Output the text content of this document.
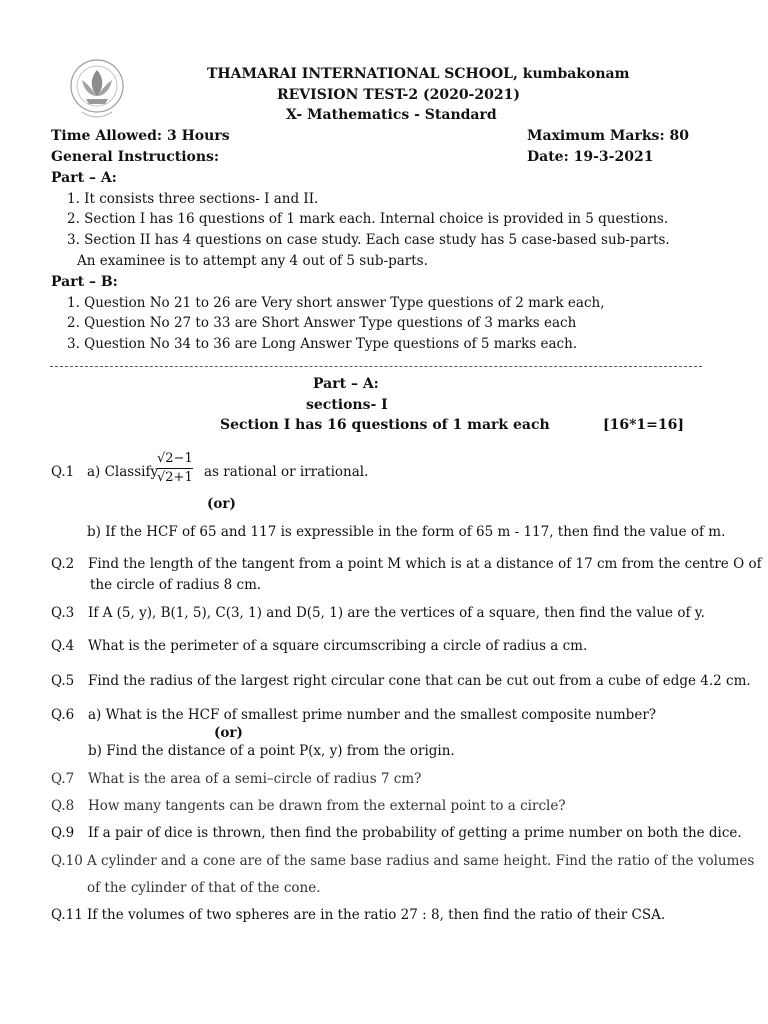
THAMARAI INTERNATIONAL SCHOOL, kumbakonam
REVISION TEST-2 (2020-2021)
X- Mathematics - Standard
Time Allowed: 3 Hours	Maximum Marks: 80
General Instructions:	Date: 19-3-2021
Part – A:
1. It consists three sections- I and II.
2. Section I has 16 questions of 1 mark each. Internal choice is provided in 5 questions.
3. Section II has 4 questions on case study. Each case study has 5 case-based sub-parts.
An examinee is to attempt any 4 out of 5 sub-parts.
Part – B:
1. Question No 21 to 26 are Very short answer Type questions of 2 mark each,
2. Question No 27 to 33 are Short Answer Type questions of 3 marks each
3. Question No 34 to 36 are Long Answer Type questions of 5 marks each.
Part – A:
sections- I
Section I has 16 questions of 1 mark each	[16*1=16]
Q.1 a) Classify
√2−1
√2+1 as rational or irrational.
(or)
b) If the HCF of 65 and 117 is expressible in the form of 65 m - 117, then find the value of m.
Q.2 Find the length of the tangent from a point M which is at a distance of 17 cm from the centre O of
the circle of radius 8 cm.
Q.3 If A (5, y), B(1, 5), C(3, 1) and D(5, 1) are the vertices of a square, then find the value of y.
Q.4 What is the perimeter of a square circumscribing a circle of radius a cm.
Q.5 Find the radius of the largest right circular cone that can be cut out from a cube of edge 4.2 cm.
Q.6 a) What is the HCF of smallest prime number and the smallest composite number?
(or)
b) Find the distance of a point P(x, y) from the origin.
Q.7 What is the area of a semi–circle of radius 7 cm?
Q.8 How many tangents can be drawn from the external point to a circle?
Q.9 If a pair of dice is thrown, then find the probability of getting a prime number on both the dice.
Q.10 A cylinder and a cone are of the same base radius and same height. Find the ratio of the volumes
of the cylinder of that of the cone.
Q.11 If the volumes of two spheres are in the ratio 27 : 8, then find the ratio of their CSA.
